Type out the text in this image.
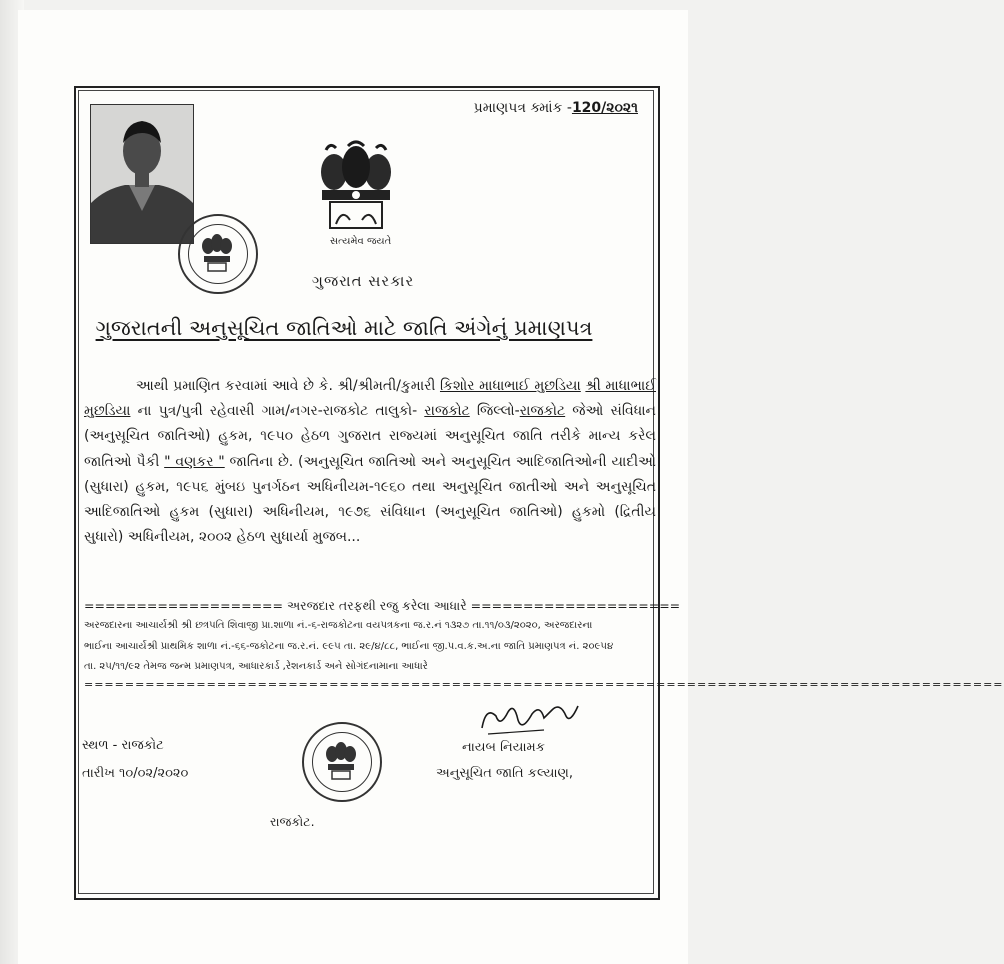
પ્રમાણપત્ર ક્માંક -120/૨૦૨૧
સત્યમેવ જયતે
ગુજરાત સરકાર
ગુજરાતની અનુસૂચિત જાતિઓ માટે જાતિ અંગેનું પ્રમાણપત્ર
આથી પ્રમાણિત કરવામાં આવે છે કે. શ્રી/શ્રીમતી/કુમારી કિશોર માધાભાઈ મુછડિયા શ્રી માધાભાઈ મુછડિયા ના પુત્ર/પુત્રી રહેવાસી ગામ/નગર-રાજકોટ તાલુકો- રાજકોટ જિલ્લો-રાજકોટ જેઓ સંવિધાન (અનુસૂચિત જાતિઓ) હુકમ, ૧૯૫૦ હેઠળ ગુજરાત રાજ્યમાં અનુસૂચિત જાતિ તરીકે માન્ય કરેલ જાતિઓ પૈકી " વણકર " જાતિના છે. (અનુસૂચિત જાતિઓ અને અનુસૂચિત આદિજાતિઓની યાદીઓ (સુધારા) હુકમ, ૧૯૫૬ મુંબઇ પુનર્ગઠન અધિનીયમ-૧૯૬૦ તથા અનુસૂચિત જાતીઓ અને અનુસૂચિત આદિજાતિઓ હુકમ (સુધારા) અધિનીયમ, ૧૯૭૬ સંવિધાન (અનુસૂચિત જાતિઓ) હુકમો (દ્રિતીય સુધારો) અધિનીયમ, ૨૦૦૨ હેઠળ સુધાર્યા મુજબ...
=================== અરજદાર તરફથી રજુ કરેલા આધારે ====================
અરજદારના આચાર્યશ્રી શ્રી છત્રપતિ શિવાજી પ્રા.શાળા નં.-૬-રાજકોટના વયપત્રકના જ.ર.નં ૧૩૨૭ તા.૧૧/૦૩/૨૦૨૦, અરજદારના
ભાઈના આચાર્યશ્રી પ્રાથમિક શાળા નં.-૬૬-જકોટના જ.ર.નં. ૯૯૫ તા. ૨૯/૪/૮૮, ભાઈના જી.પ.વ.ક.અ.ના જાતિ પ્રમાણપત્ર નં. ૨૦૯૫૪
તા. ૨૫/૧૧/૯૨ તેમજ જન્મ પ્રમાણપત્ર, આધારકાર્ડ ,રેશનકાર્ડ અને સોગંદનામાના આધારે
==========================================================================================
સ્થળ - રાજકોટ
તારીખ ૧૦/૦૨/૨૦૨૦
નાયબ નિયામક
અનુસૂચિત જાતિ કલ્યાણ,
રાજકોટ.
